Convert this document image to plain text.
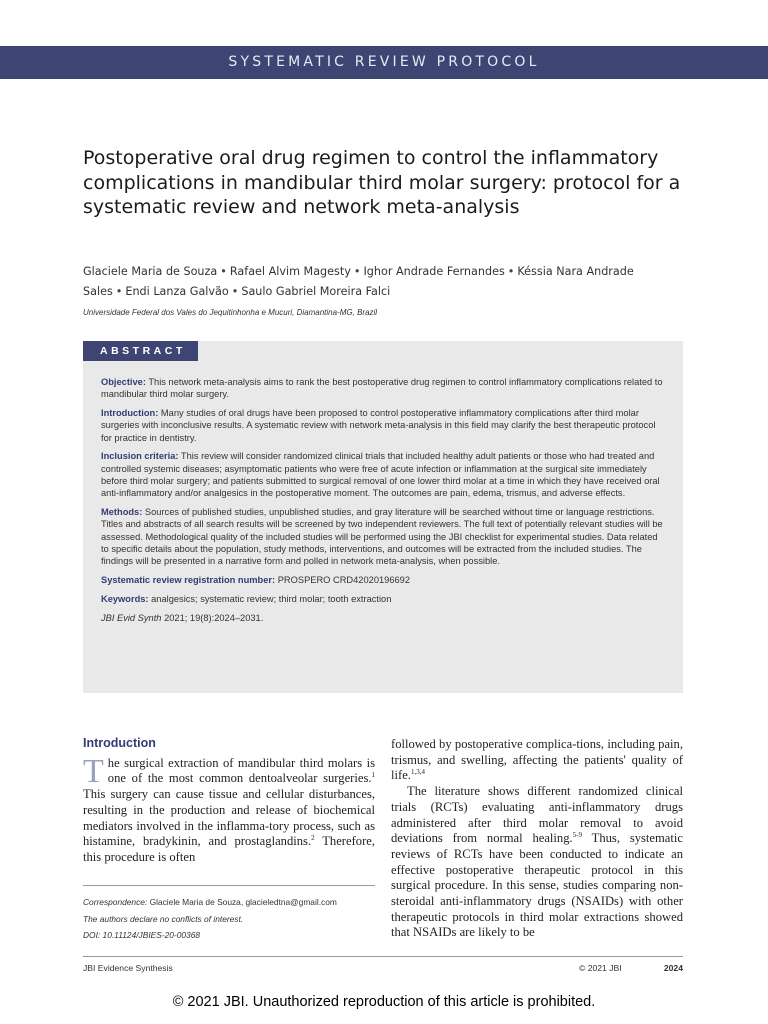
SYSTEMATIC REVIEW PROTOCOL
Postoperative oral drug regimen to control the inflammatory complications in mandibular third molar surgery: protocol for a systematic review and network meta-analysis
Glaciele Maria de Souza • Rafael Alvim Magesty • Ighor Andrade Fernandes • Késsia Nara Andrade Sales • Endi Lanza Galvão • Saulo Gabriel Moreira Falci
Universidade Federal dos Vales do Jequitinhonha e Mucuri, Diamantina-MG, Brazil
ABSTRACT

Objective: This network meta-analysis aims to rank the best postoperative drug regimen to control inflammatory complications related to mandibular third molar surgery.

Introduction: Many studies of oral drugs have been proposed to control postoperative inflammatory complications after third molar surgeries with inconclusive results. A systematic review with network meta-analysis in this field may clarify the best therapeutic protocol for practice in dentistry.

Inclusion criteria: This review will consider randomized clinical trials that included healthy adult patients or those who had treated and controlled systemic diseases; asymptomatic patients who were free of acute infection or inflammation at the surgical site immediately before third molar surgery; and patients submitted to surgical removal of one lower third molar at a time in which they have received oral anti-inflammatory and/or analgesics in the postoperative moment. The outcomes are pain, edema, trismus, and adverse effects.

Methods: Sources of published studies, unpublished studies, and gray literature will be searched without time or language restrictions. Titles and abstracts of all search results will be screened by two independent reviewers. The full text of potentially relevant studies will be assessed. Methodological quality of the included studies will be performed using the JBI checklist for experimental studies. Data related to specific details about the population, study methods, interventions, and outcomes will be extracted from the included studies. The findings will be presented in a narrative form and polled in network meta-analysis, when possible.

Systematic review registration number: PROSPERO CRD42020196692

Keywords: analgesics; systematic review; third molar; tooth extraction

JBI Evid Synth 2021; 19(8):2024–2031.

Introduction

The surgical extraction of mandibular third molars is one of the most common dentoalveolar surgeries.$^1$ This surgery can cause tissue and cellular disturbances, resulting in the production and release of biochemical mediators involved in the inflamma-tory process, such as histamine, bradykinin, and prostaglandins.$^2$ Therefore, this procedure is often

followed by postoperative complica-tions, including pain, trismus, and swelling, affecting the patients' quality of life.$^{1,3,4}$

The literature shows different randomized clinical trials (RCTs) evaluating anti-inflammatory drugs administered after third molar removal to avoid deviations from normal healing.$^{5-9}$ Thus, systematic reviews of RCTs have been conducted to indicate an effective postoperative therapeutic protocol in this surgical procedure. In this sense, studies comparing non-steroidal anti-inflammatory drugs (NSAIDs) with other therapeutic protocols in third molar extractions showed that NSAIDs are likely to be

Correspondence: Glaciele Maria de Souza, glacieledtna@gmail.com
The authors declare no conflicts of interest.
DOI: 10.11124/JBIES-20-00368
JBI Evidence Synthesis	© 2021 JBI	2024
© 2021 JBI. Unauthorized reproduction of this article is prohibited.
